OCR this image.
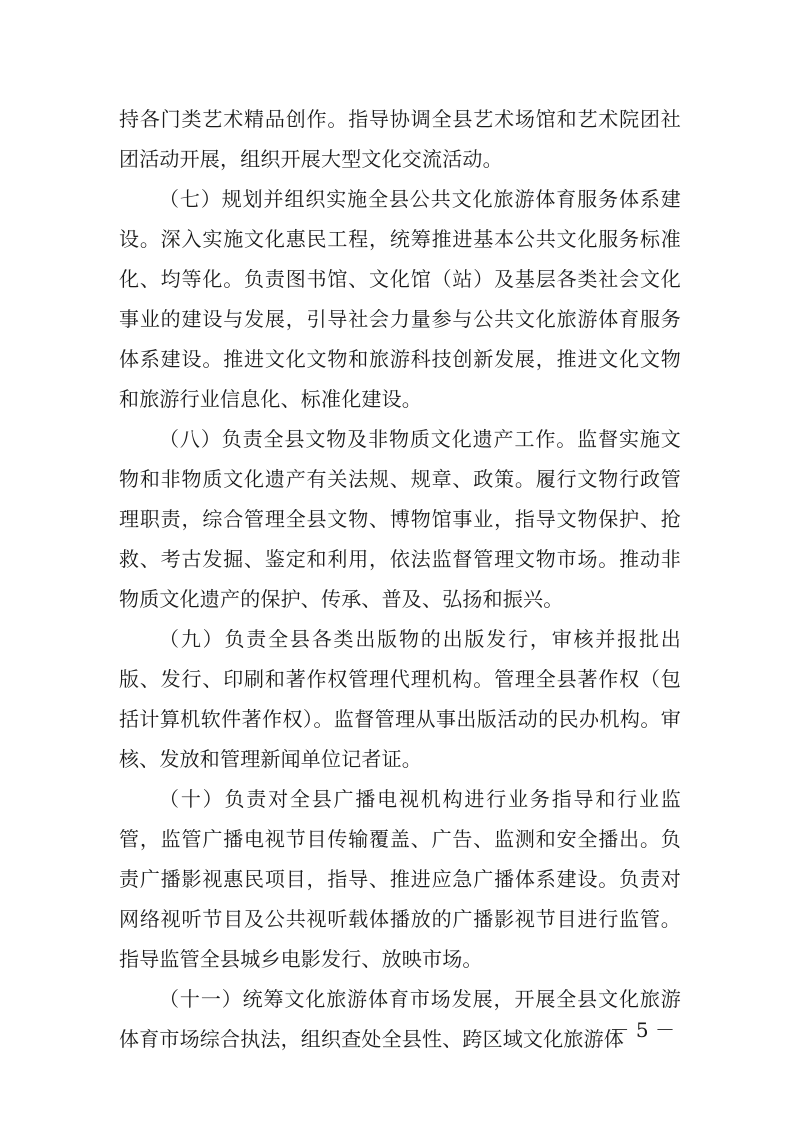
持各门类艺术精品创作。指导协调全县艺术场馆和艺术院团社团活动开展，组织开展大型文化交流活动。

（七）规划并组织实施全县公共文化旅游体育服务体系建设。深入实施文化惠民工程，统筹推进基本公共文化服务标准化、均等化。负责图书馆、文化馆（站）及基层各类社会文化事业的建设与发展，引导社会力量参与公共文化旅游体育服务体系建设。推进文化文物和旅游科技创新发展，推进文化文物和旅游行业信息化、标准化建设。

（八）负责全县文物及非物质文化遗产工作。监督实施文物和非物质文化遗产有关法规、规章、政策。履行文物行政管理职责，综合管理全县文物、博物馆事业，指导文物保护、抢救、考古发掘、鉴定和利用，依法监督管理文物市场。推动非物质文化遗产的保护、传承、普及、弘扬和振兴。

（九）负责全县各类出版物的出版发行，审核并报批出版、发行、印刷和著作权管理代理机构。管理全县著作权（包括计算机软件著作权）。监督管理从事出版活动的民办机构。审核、发放和管理新闻单位记者证。

（十）负责对全县广播电视机构进行业务指导和行业监管，监管广播电视节目传输覆盖、广告、监测和安全播出。负责广播影视惠民项目，指导、推进应急广播体系建设。负责对网络视听节目及公共视听载体播放的广播影视节目进行监管。指导监管全县城乡电影发行、放映市场。

（十一）统筹文化旅游体育市场发展，开展全县文化旅游体育市场综合执法，组织查处全县性、跨区域文化旅游体

－ 5 －
